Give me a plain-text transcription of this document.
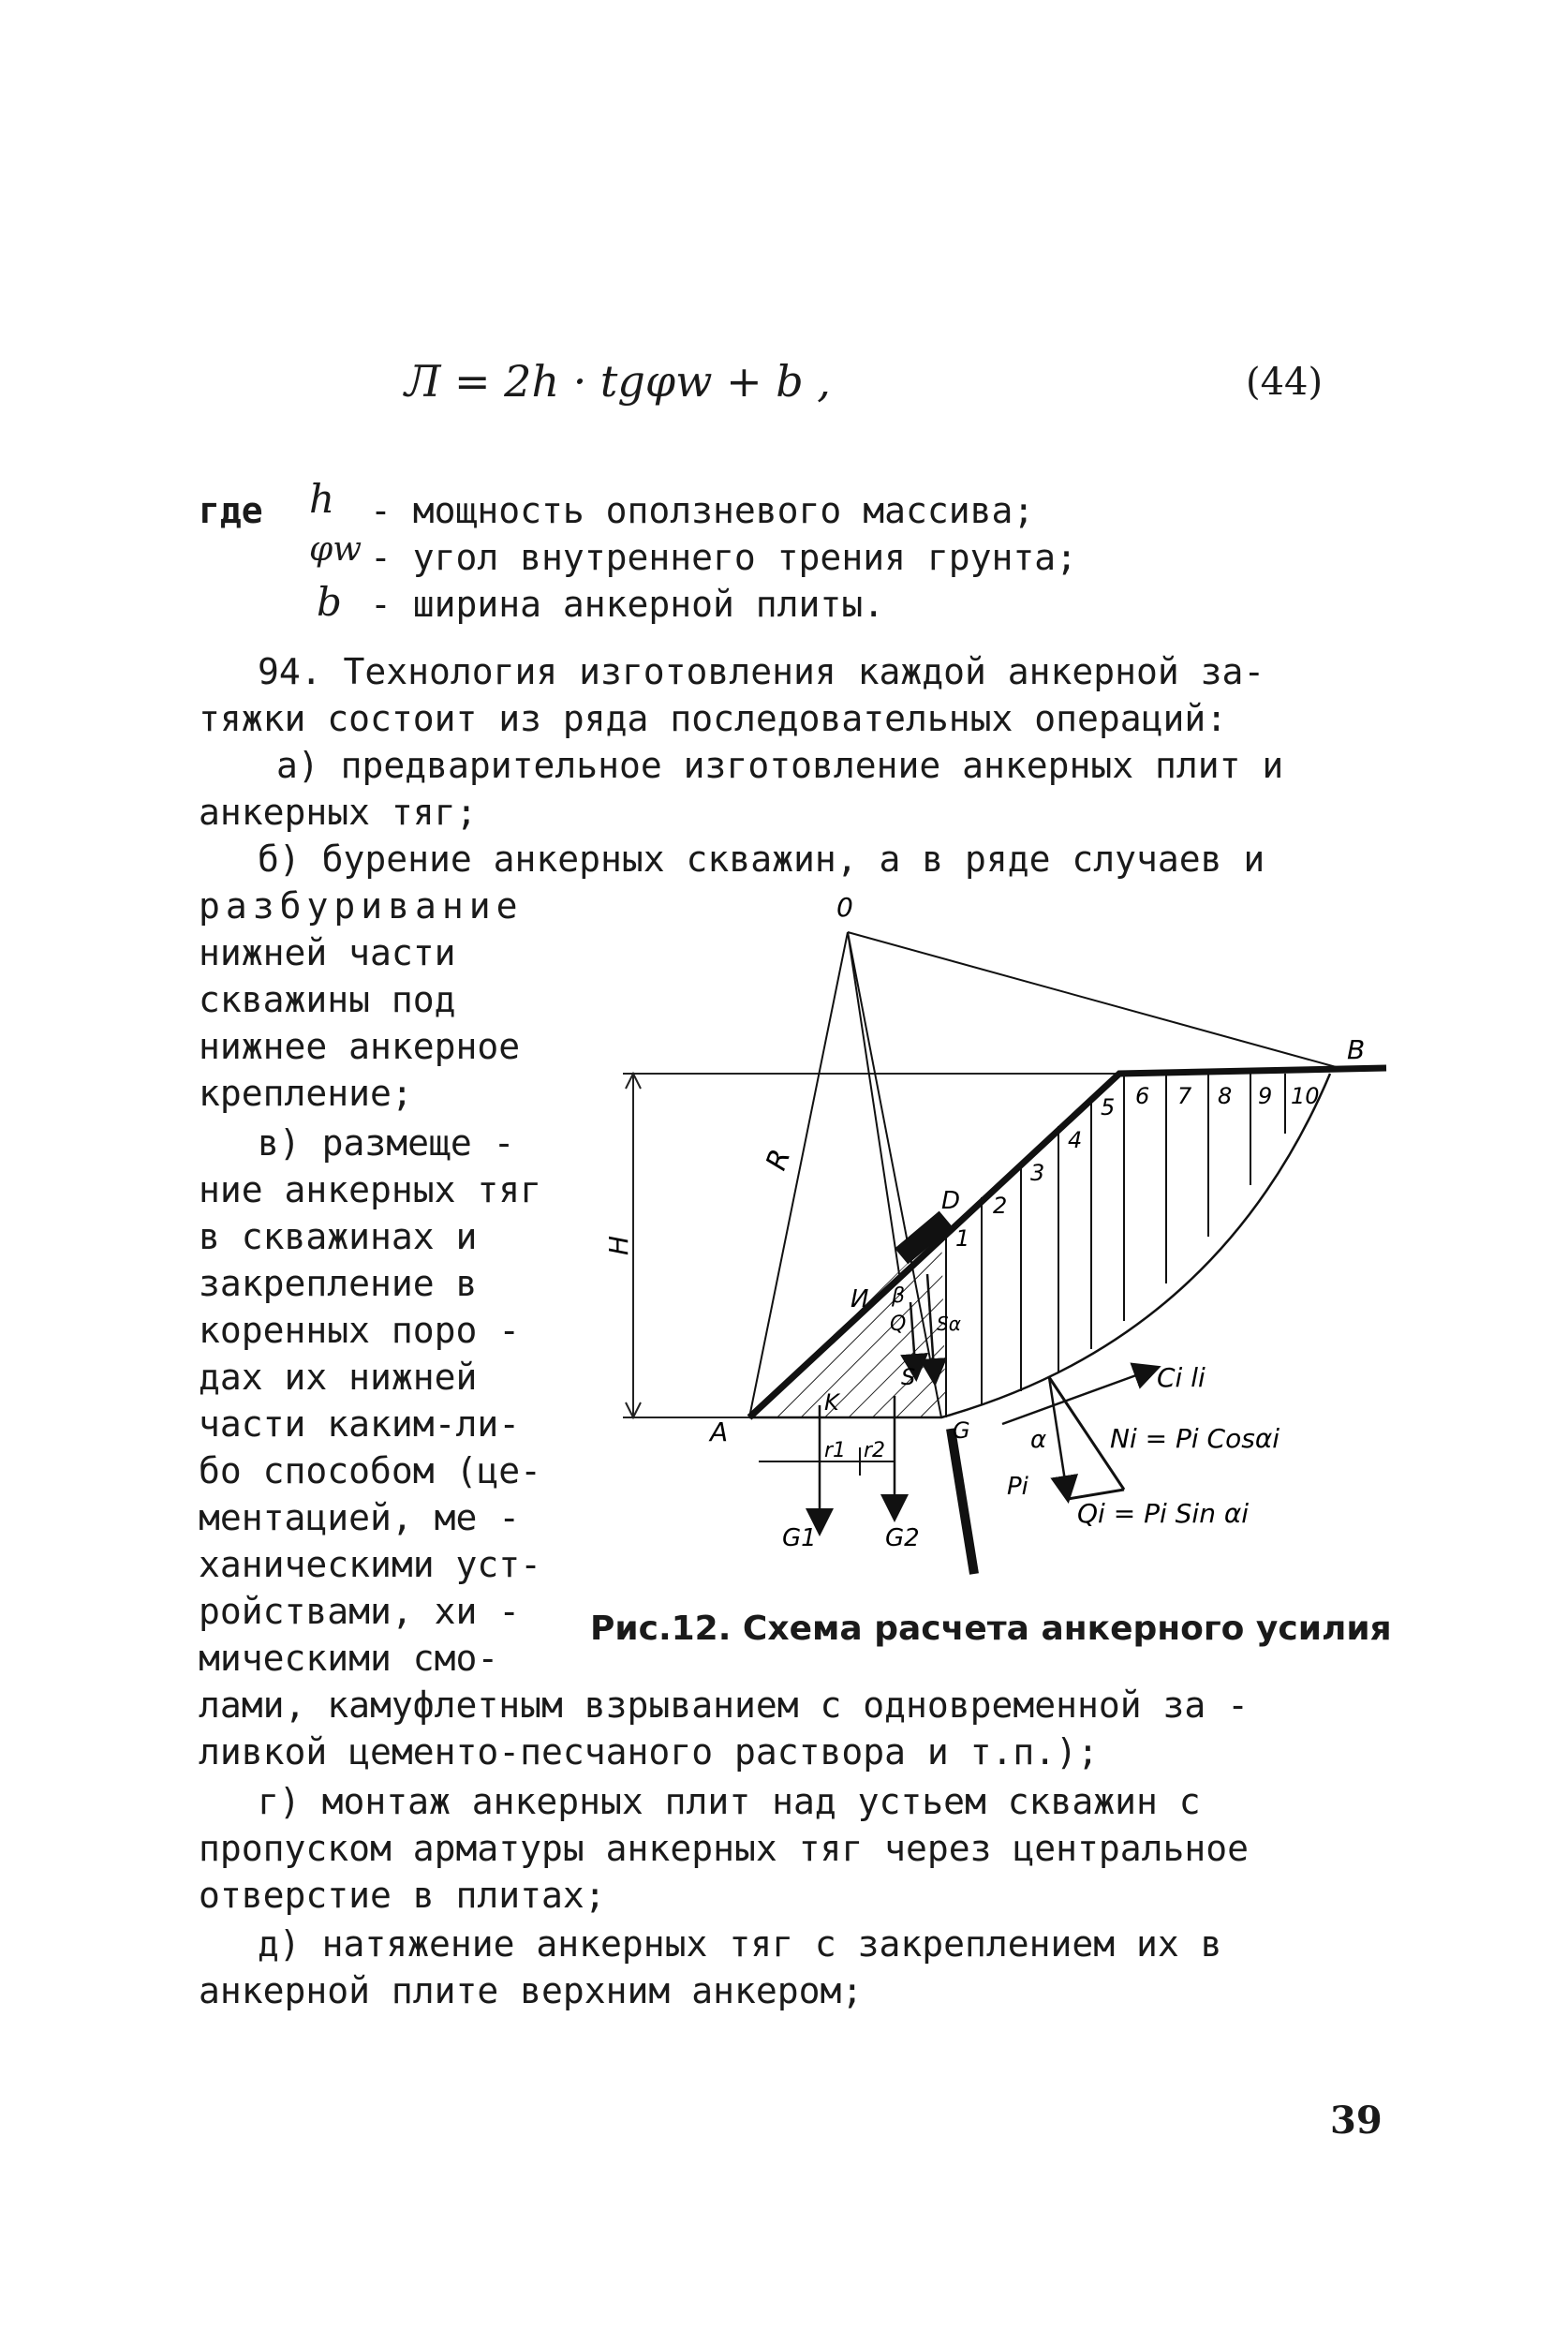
Л = 2h · tgφw + b ,	(44)
где h - мощность оползневого массива;
φw - угол внутреннего трения грунта;
b - ширина анкерной плиты.
94. Технология изготовления каждой анкерной за-
тяжки состоит из ряда последовательных операций:
а) предварительное изготовление анкерных плит и
анкерных тяг;
б) бурение анкерных скважин, а в ряде случаев и
разбуривание
нижней части
скважины под
нижнее анкерное
крепление;
в) размеще -
ние анкерных тяг
в скважинах и
закрепление в
коренных поро -
дах их нижней
части каким-ли-
бо способом (це-
ментацией, ме -
ханическими уст-
ройствами, хи -
мическими смо-
0
B
A	G
D
И
K
S
R
H
β
Q Sα
G1	G2
r1 r2	α
Pi
Ci li
Ni = Pi Cosαi
Qi = Pi Sin αi
1
2
3
4
5 6 7 8 9 10
Рис.12. Схема расчета анкерного усилия
лами, камуфлетным взрыванием с одновременной за -
ливкой цементо-песчаного раствора и т.п.);
г) монтаж анкерных плит над устьем скважин с
пропуском арматуры анкерных тяг через центральное
отверстие в плитах;
д) натяжение анкерных тяг с закреплением их в
анкерной плите верхним анкером;
39
